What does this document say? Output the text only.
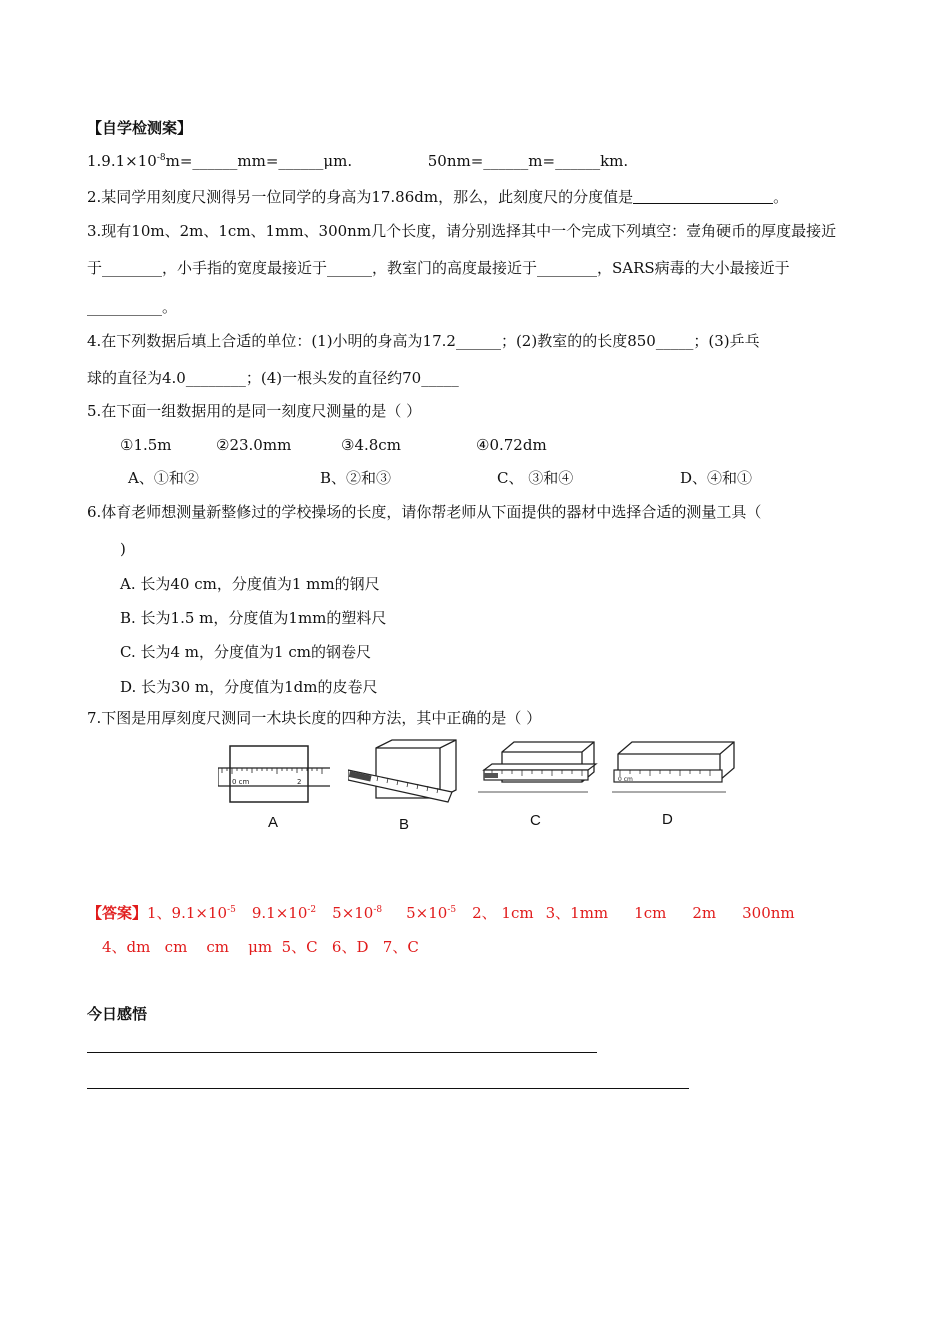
【自学检测案】
$1.9.1\times 10^{-8}m=\_\_\_\_\_\_mm=\_\_\_\_\_\_\mu m$.	50nm=______m=______km.
2.某同学用刻度尺测得另一位同学的身高为17.86dm，那么，此刻度尺的分度值是	。
3.现有10m、2m、1cm、1mm、300nm几个长度，请分别选择其中一个完成下列填空：壹角硬币的厚度最接近
于________，小手指的宽度最接近于______，教室门的高度最接近于________，SARS病毒的大小最接近于
__________。
4.在下列数据后填上合适的单位：(1)小明的身高为17.2______；(2)教室的的长度850_____；(3)乒乓
球的直径为4.0________；(4)一根头发的直径约70_____
5.在下面一组数据用的是同一刻度尺测量的是（ ）
①1.5m	②23.0mm	③4.8cm	④0.72dm
A、①和②	B、②和③	C、 ③和④	D、④和①
6.体育老师想测量新整修过的学校操场的长度，请你帮老师从下面提供的器材中选择合适的测量工具（
)
A. 长为40 cm，分度值为1 mm的钢尺
B. 长为1.5 m，分度值为1mm的塑料尺
C. 长为4 m，分度值为1 cm的钢卷尺
D. 长为30 m，分度值为1dm的皮卷尺
7.下图是用厚刻度尺测同一木块长度的四种方法，其中正确的是（ ）
0 cm	2	0 cm
A	B	C	D
【答案】1、$9.1\times 10^{-5}$ $9.1\times 10^{-2}$ $5\times 10^{-8}$ $5\times 10^{-5}$ 2、 1cm 3、1mm 1cm 2m 300nm
4、dm   cm    cm    μm  5、C   6、D   7、C
今日感悟
